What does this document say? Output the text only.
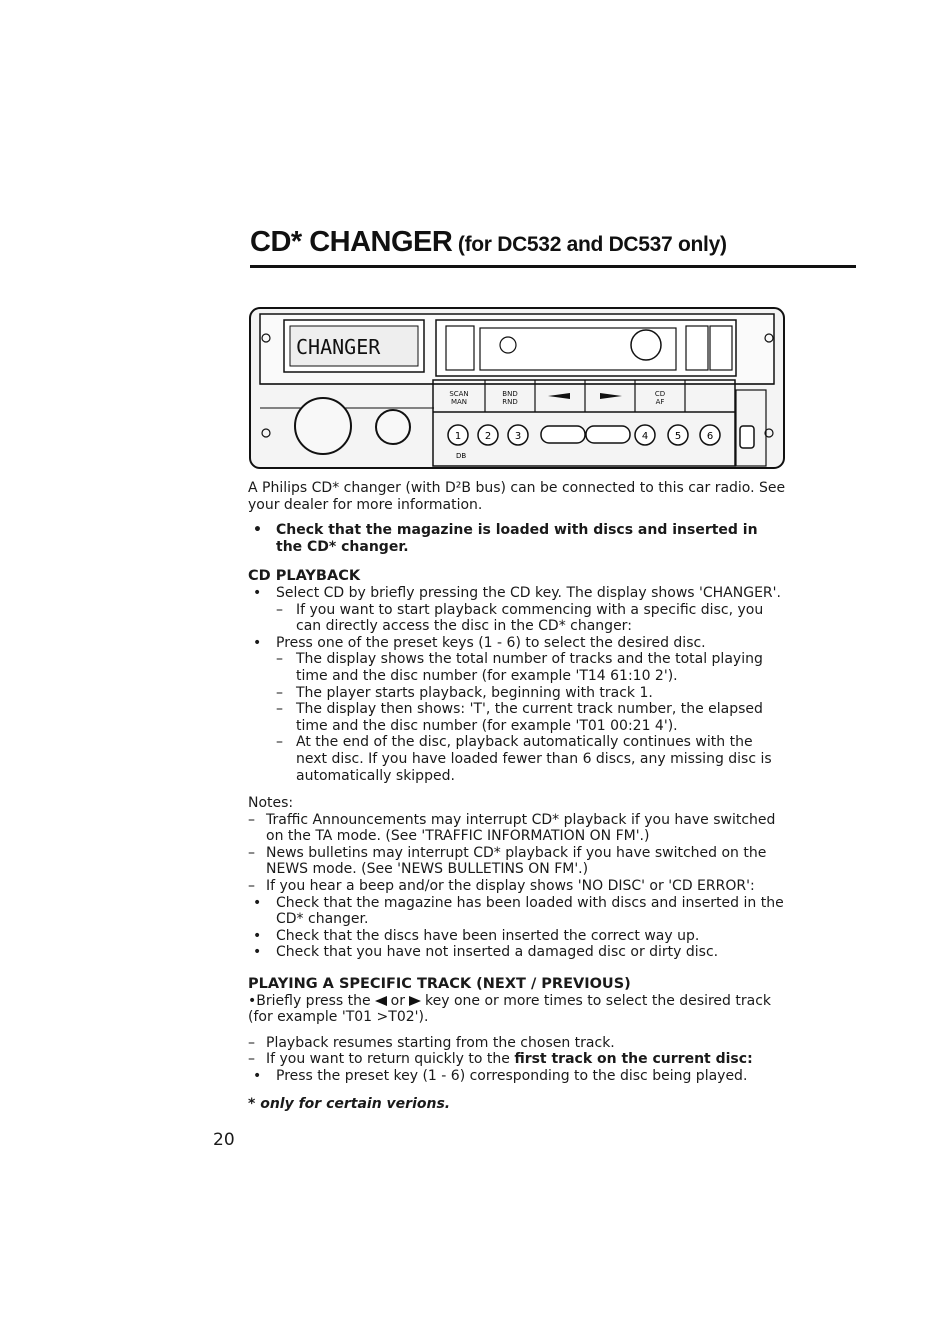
CD* CHANGER (for DC532 and DC537 only)
CHANGER
SCAN
MAN
BND
RND
CD
AF
1 2 3
DB
4	5	6

A Philips CD* changer (with D²B bus) can be connected to this car radio. See your dealer for more information.

• Check that the magazine is loaded with discs and inserted in the CD* changer.
CD PLAYBACK
• Select CD by briefly pressing the CD key. The display shows 'CHANGER'.
– If you want to start playback commencing with a specific disc, you can directly access the disc in the CD* changer:
• Press one of the preset keys (1 - 6) to select the desired disc.
– The display shows the total number of tracks and the total playing time and the disc number (for example 'T14 61:10 2').
– The player starts playback, beginning with track 1.
– The display then shows: 'T', the current track number, the elapsed time and the disc number (for example 'T01 00:21 4').
– At the end of the disc, playback automatically continues with the next disc. If you have loaded fewer than 6 discs, any missing disc is automatically skipped.
Notes:
– Traffic Announcements may interrupt CD* playback if you have switched on the TA mode. (See 'TRAFFIC INFORMATION ON FM'.)
– News bulletins may interrupt CD* playback if you have switched on the NEWS mode. (See 'NEWS BULLETINS ON FM'.)
– If you hear a beep and/or the display shows 'NO DISC' or 'CD ERROR':
• Check that the magazine has been loaded with discs and inserted in the CD* changer.
• Check that the discs have been inserted the correct way up.
• Check that you have not inserted a damaged disc or dirty disc.
PLAYING A SPECIFIC TRACK (NEXT / PREVIOUS)

•Briefly press the or key one or more times to select the desired track (for example 'T01 >T02').

– Playback resumes starting from the chosen track.
– If you want to return quickly to the first track on the current disc:
• Press the preset key (1 - 6) corresponding to the disc being played.
* only for certain verions.
20
